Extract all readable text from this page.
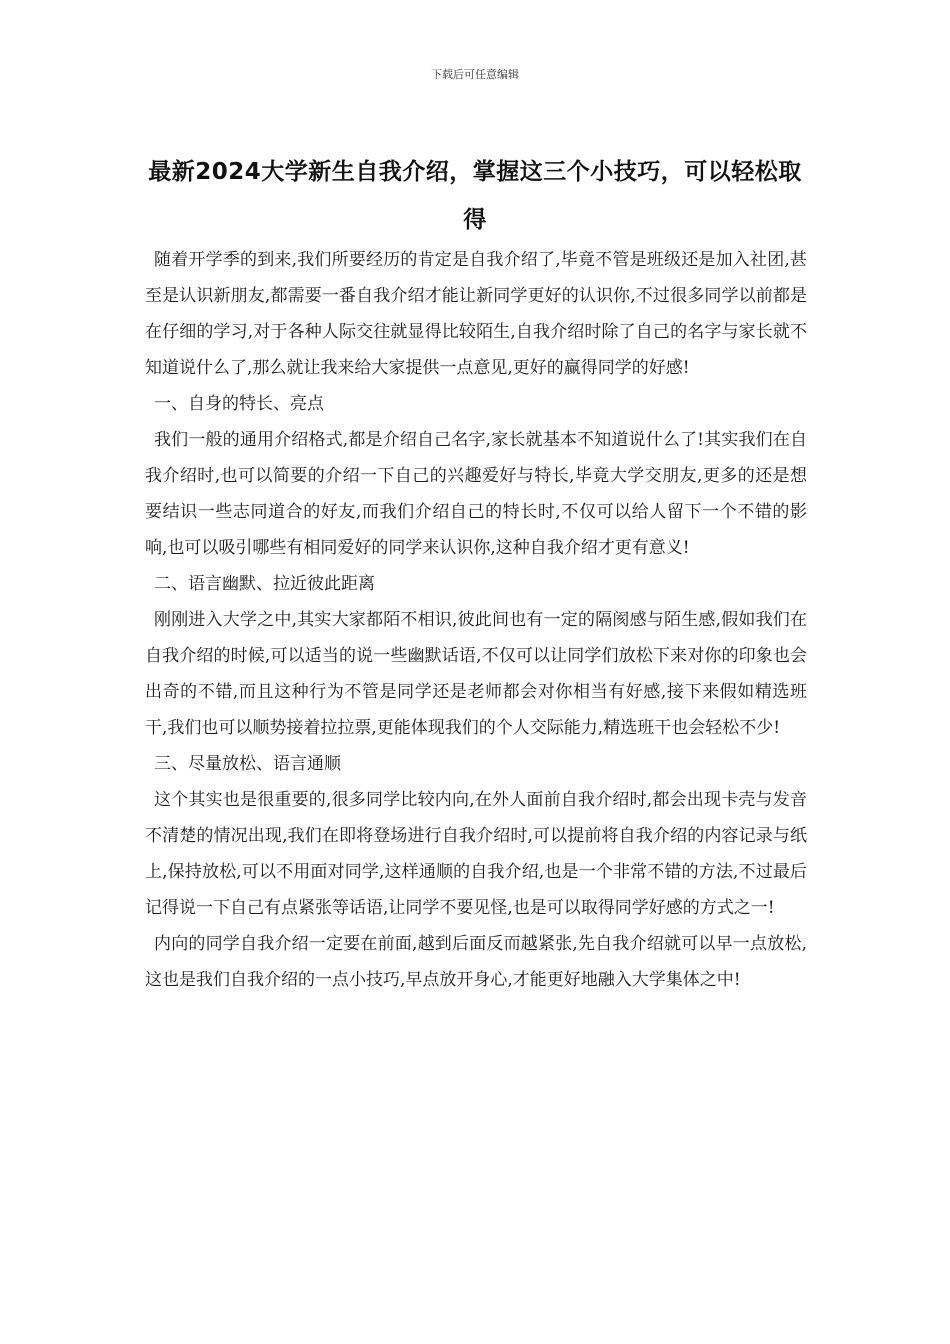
下载后可任意编辑
最新2024大学新生自我介绍，掌握这三个小技巧，可以轻松取得

随着开学季的到来,我们所要经历的肯定是自我介绍了,毕竟不管是班级还是加入社团,甚至是认识新朋友,都需要一番自我介绍才能让新同学更好的认识你,不过很多同学以前都是在仔细的学习,对于各种人际交往就显得比较陌生,自我介绍时除了自己的名字与家长就不知道说什么了,那么就让我来给大家提供一点意见,更好的赢得同学的好感!

一、自身的特长、亮点

我们一般的通用介绍格式,都是介绍自己名字,家长就基本不知道说什么了!其实我们在自我介绍时,也可以简要的介绍一下自己的兴趣爱好与特长,毕竟大学交朋友,更多的还是想要结识一些志同道合的好友,而我们介绍自己的特长时,不仅可以给人留下一个不错的影响,也可以吸引哪些有相同爱好的同学来认识你,这种自我介绍才更有意义!

二、语言幽默、拉近彼此距离

刚刚进入大学之中,其实大家都陌不相识,彼此间也有一定的隔阂感与陌生感,假如我们在自我介绍的时候,可以适当的说一些幽默话语,不仅可以让同学们放松下来对你的印象也会出奇的不错,而且这种行为不管是同学还是老师都会对你相当有好感,接下来假如精选班干,我们也可以顺势接着拉拉票,更能体现我们的个人交际能力,精选班干也会轻松不少!

三、尽量放松、语言通顺

这个其实也是很重要的,很多同学比较内向,在外人面前自我介绍时,都会出现卡壳与发音不清楚的情况出现,我们在即将登场进行自我介绍时,可以提前将自我介绍的内容记录与纸上,保持放松,可以不用面对同学,这样通顺的自我介绍,也是一个非常不错的方法,不过最后记得说一下自己有点紧张等话语,让同学不要见怪,也是可以取得同学好感的方式之一!

内向的同学自我介绍一定要在前面,越到后面反而越紧张,先自我介绍就可以早一点放松,这也是我们自我介绍的一点小技巧,早点放开身心,才能更好地融入大学集体之中!
